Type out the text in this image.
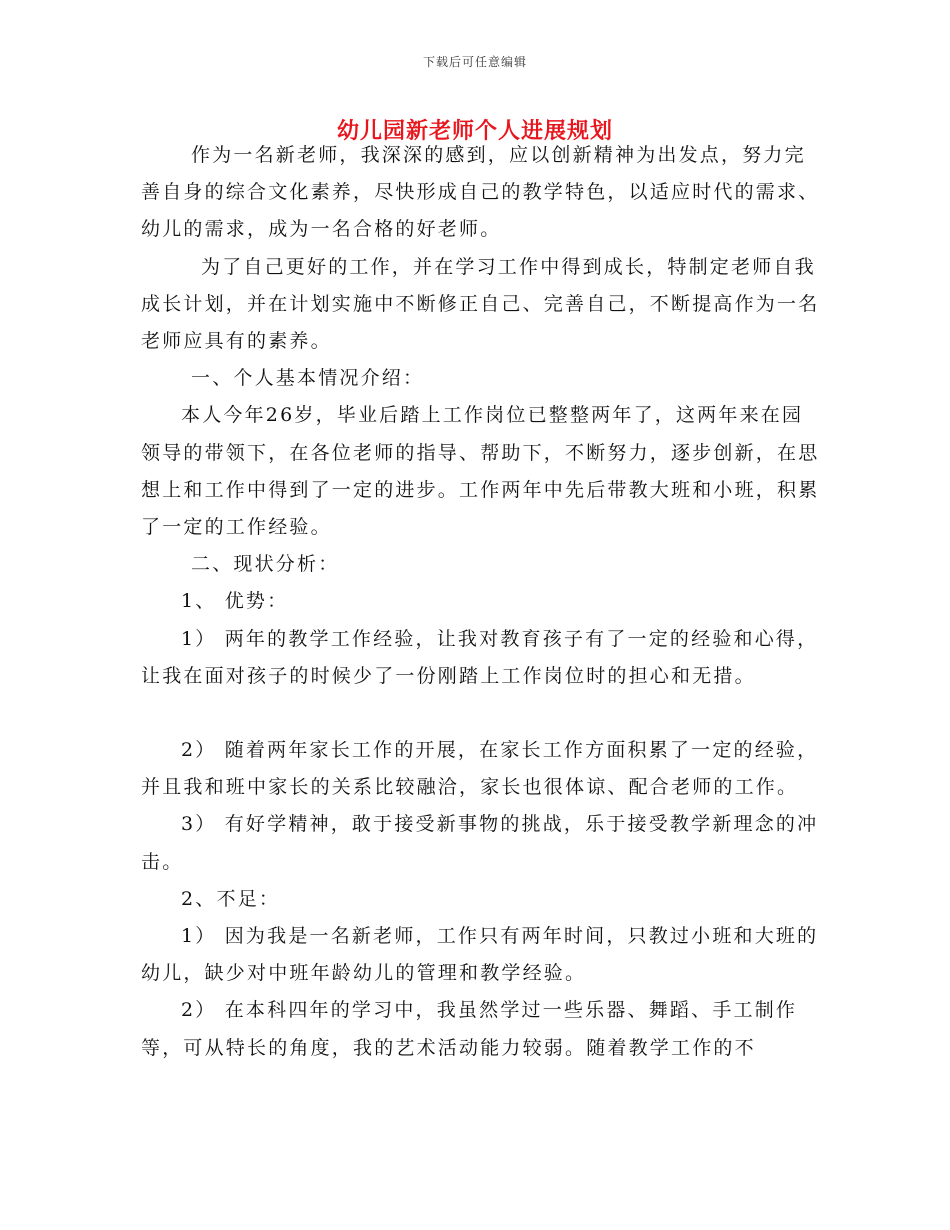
下载后可任意编辑
幼儿园新老师个人进展规划

作为一名新老师，我深深的感到，应以创新精神为出发点，努力完善自身的综合文化素养，尽快形成自己的教学特色，以适应时代的需求、幼儿的需求，成为一名合格的好老师。

为了自己更好的工作，并在学习工作中得到成长，特制定老师自我成长计划，并在计划实施中不断修正自己、完善自己，不断提高作为一名老师应具有的素养。

一、个人基本情况介绍：

本人今年26岁，毕业后踏上工作岗位已整整两年了，这两年来在园领导的带领下，在各位老师的指导、帮助下，不断努力，逐步创新，在思想上和工作中得到了一定的进步。工作两年中先后带教大班和小班，积累了一定的工作经验。

二、现状分析：

1、 优势：

1） 两年的教学工作经验，让我对教育孩子有了一定的经验和心得，让我在面对孩子的时候少了一份刚踏上工作岗位时的担心和无措。

2） 随着两年家长工作的开展，在家长工作方面积累了一定的经验，并且我和班中家长的关系比较融洽，家长也很体谅、配合老师的工作。

3） 有好学精神，敢于接受新事物的挑战，乐于接受教学新理念的冲击。

2、不足：

1） 因为我是一名新老师，工作只有两年时间，只教过小班和大班的幼儿，缺少对中班年龄幼儿的管理和教学经验。

2） 在本科四年的学习中，我虽然学过一些乐器、舞蹈、手工制作等，可从特长的角度，我的艺术活动能力较弱。随着教学工作的不
